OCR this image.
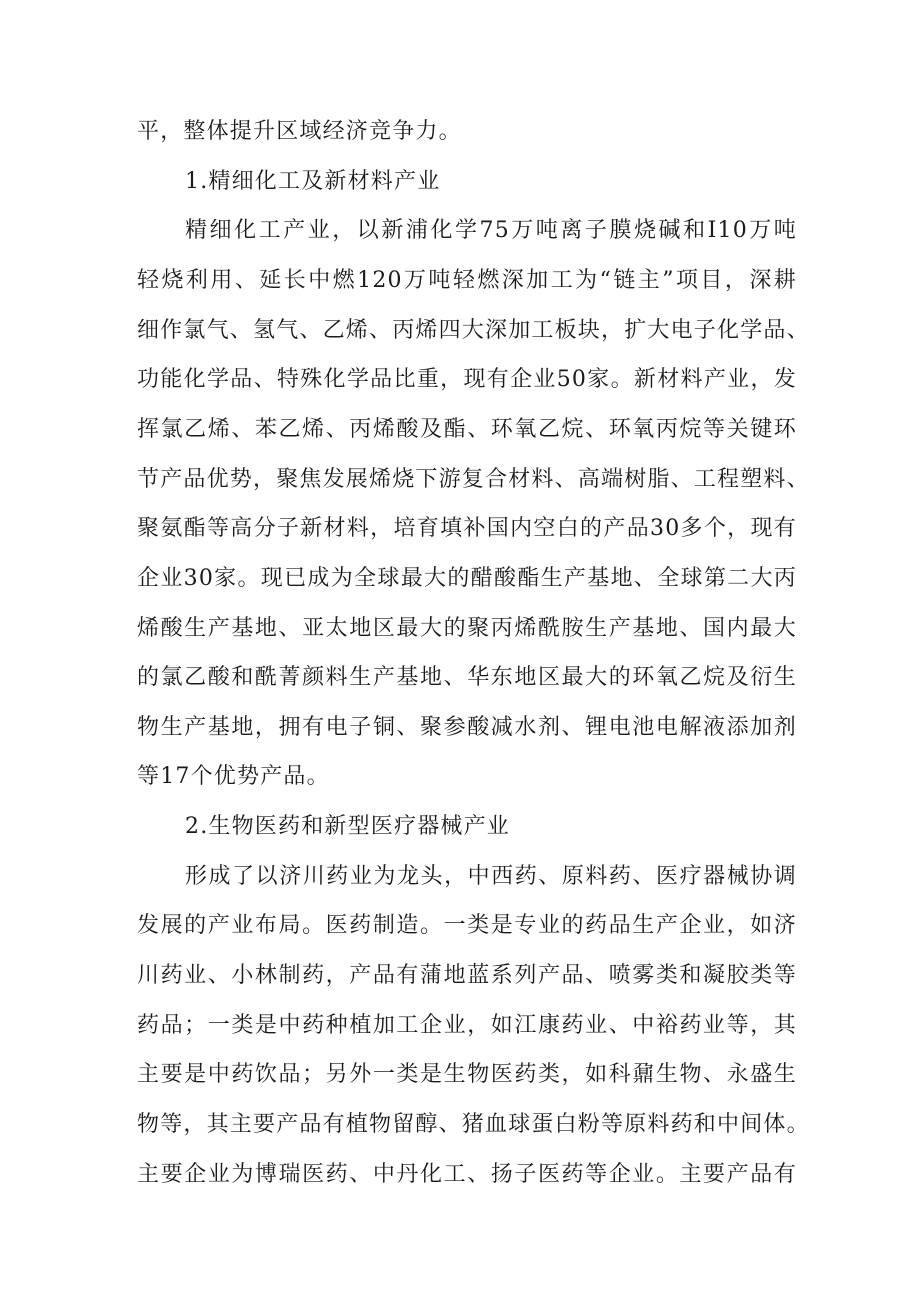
平，整体提升区域经济竞争力。
1.精细化工及新材料产业
精细化工产业，以新浦化学75万吨离子膜烧碱和I10万吨
轻烧利用、延长中燃120万吨轻燃深加工为“链主”项目，深耕
细作氯气、氢气、乙烯、丙烯四大深加工板块，扩大电子化学品、
功能化学品、特殊化学品比重，现有企业50家。新材料产业，发
挥氯乙烯、苯乙烯、丙烯酸及酯、环氧乙烷、环氧丙烷等关键环
节产品优势，聚焦发展烯烧下游复合材料、高端树脂、工程塑料、
聚氨酯等高分子新材料，培育填补国内空白的产品30多个，现有
企业30家。现已成为全球最大的醋酸酯生产基地、全球第二大丙
烯酸生产基地、亚太地区最大的聚丙烯酰胺生产基地、国内最大
的氯乙酸和酰菁颜料生产基地、华东地区最大的环氧乙烷及衍生
物生产基地，拥有电子铜、聚参酸减水剂、锂电池电解液添加剂
等17个优势产品。
2.生物医药和新型医疗器械产业
形成了以济川药业为龙头，中西药、原料药、医疗器械协调
发展的产业布局。医药制造。一类是专业的药品生产企业，如济
川药业、小林制药，产品有蒲地蓝系列产品、喷雾类和凝胶类等
药品；一类是中药种植加工企业，如江康药业、中裕药业等，其
主要是中药饮品；另外一类是生物医药类，如科鼐生物、永盛生
物等，其主要产品有植物留醇、猪血球蛋白粉等原料药和中间体。
主要企业为博瑞医药、中丹化工、扬子医药等企业。主要产品有
